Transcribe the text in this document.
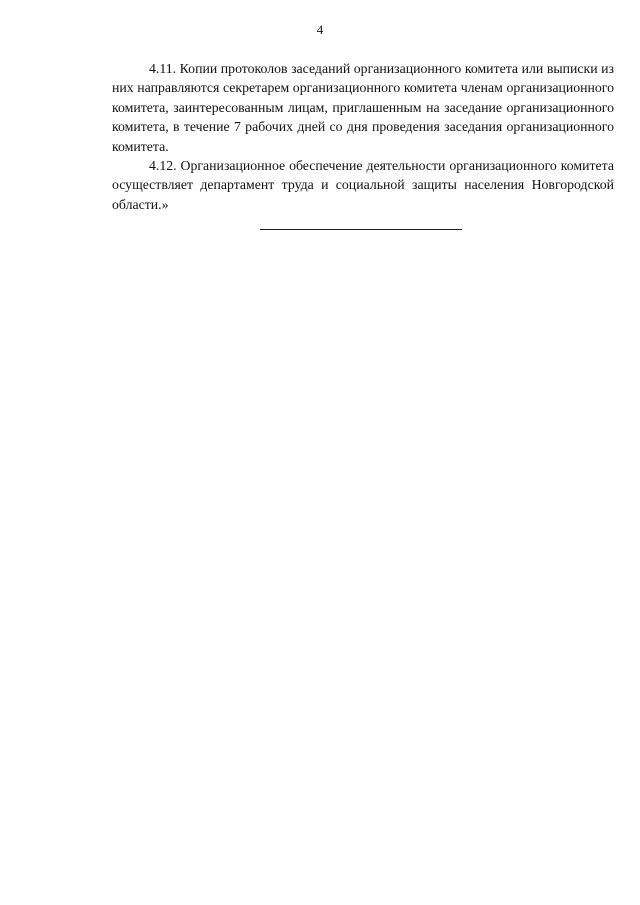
4

4.11. Копии протоколов заседаний организационного комитета или выписки из них направляются секретарем организационного комитета членам организационного комитета, заинтересованным лицам, приглашенным на заседание организационного комитета, в течение 7 рабочих дней со дня проведения заседания организационного комитета.

4.12. Организационное обеспечение деятельности организационного комитета осуществляет департамент труда и социальной защиты населения Новгородской области.»
